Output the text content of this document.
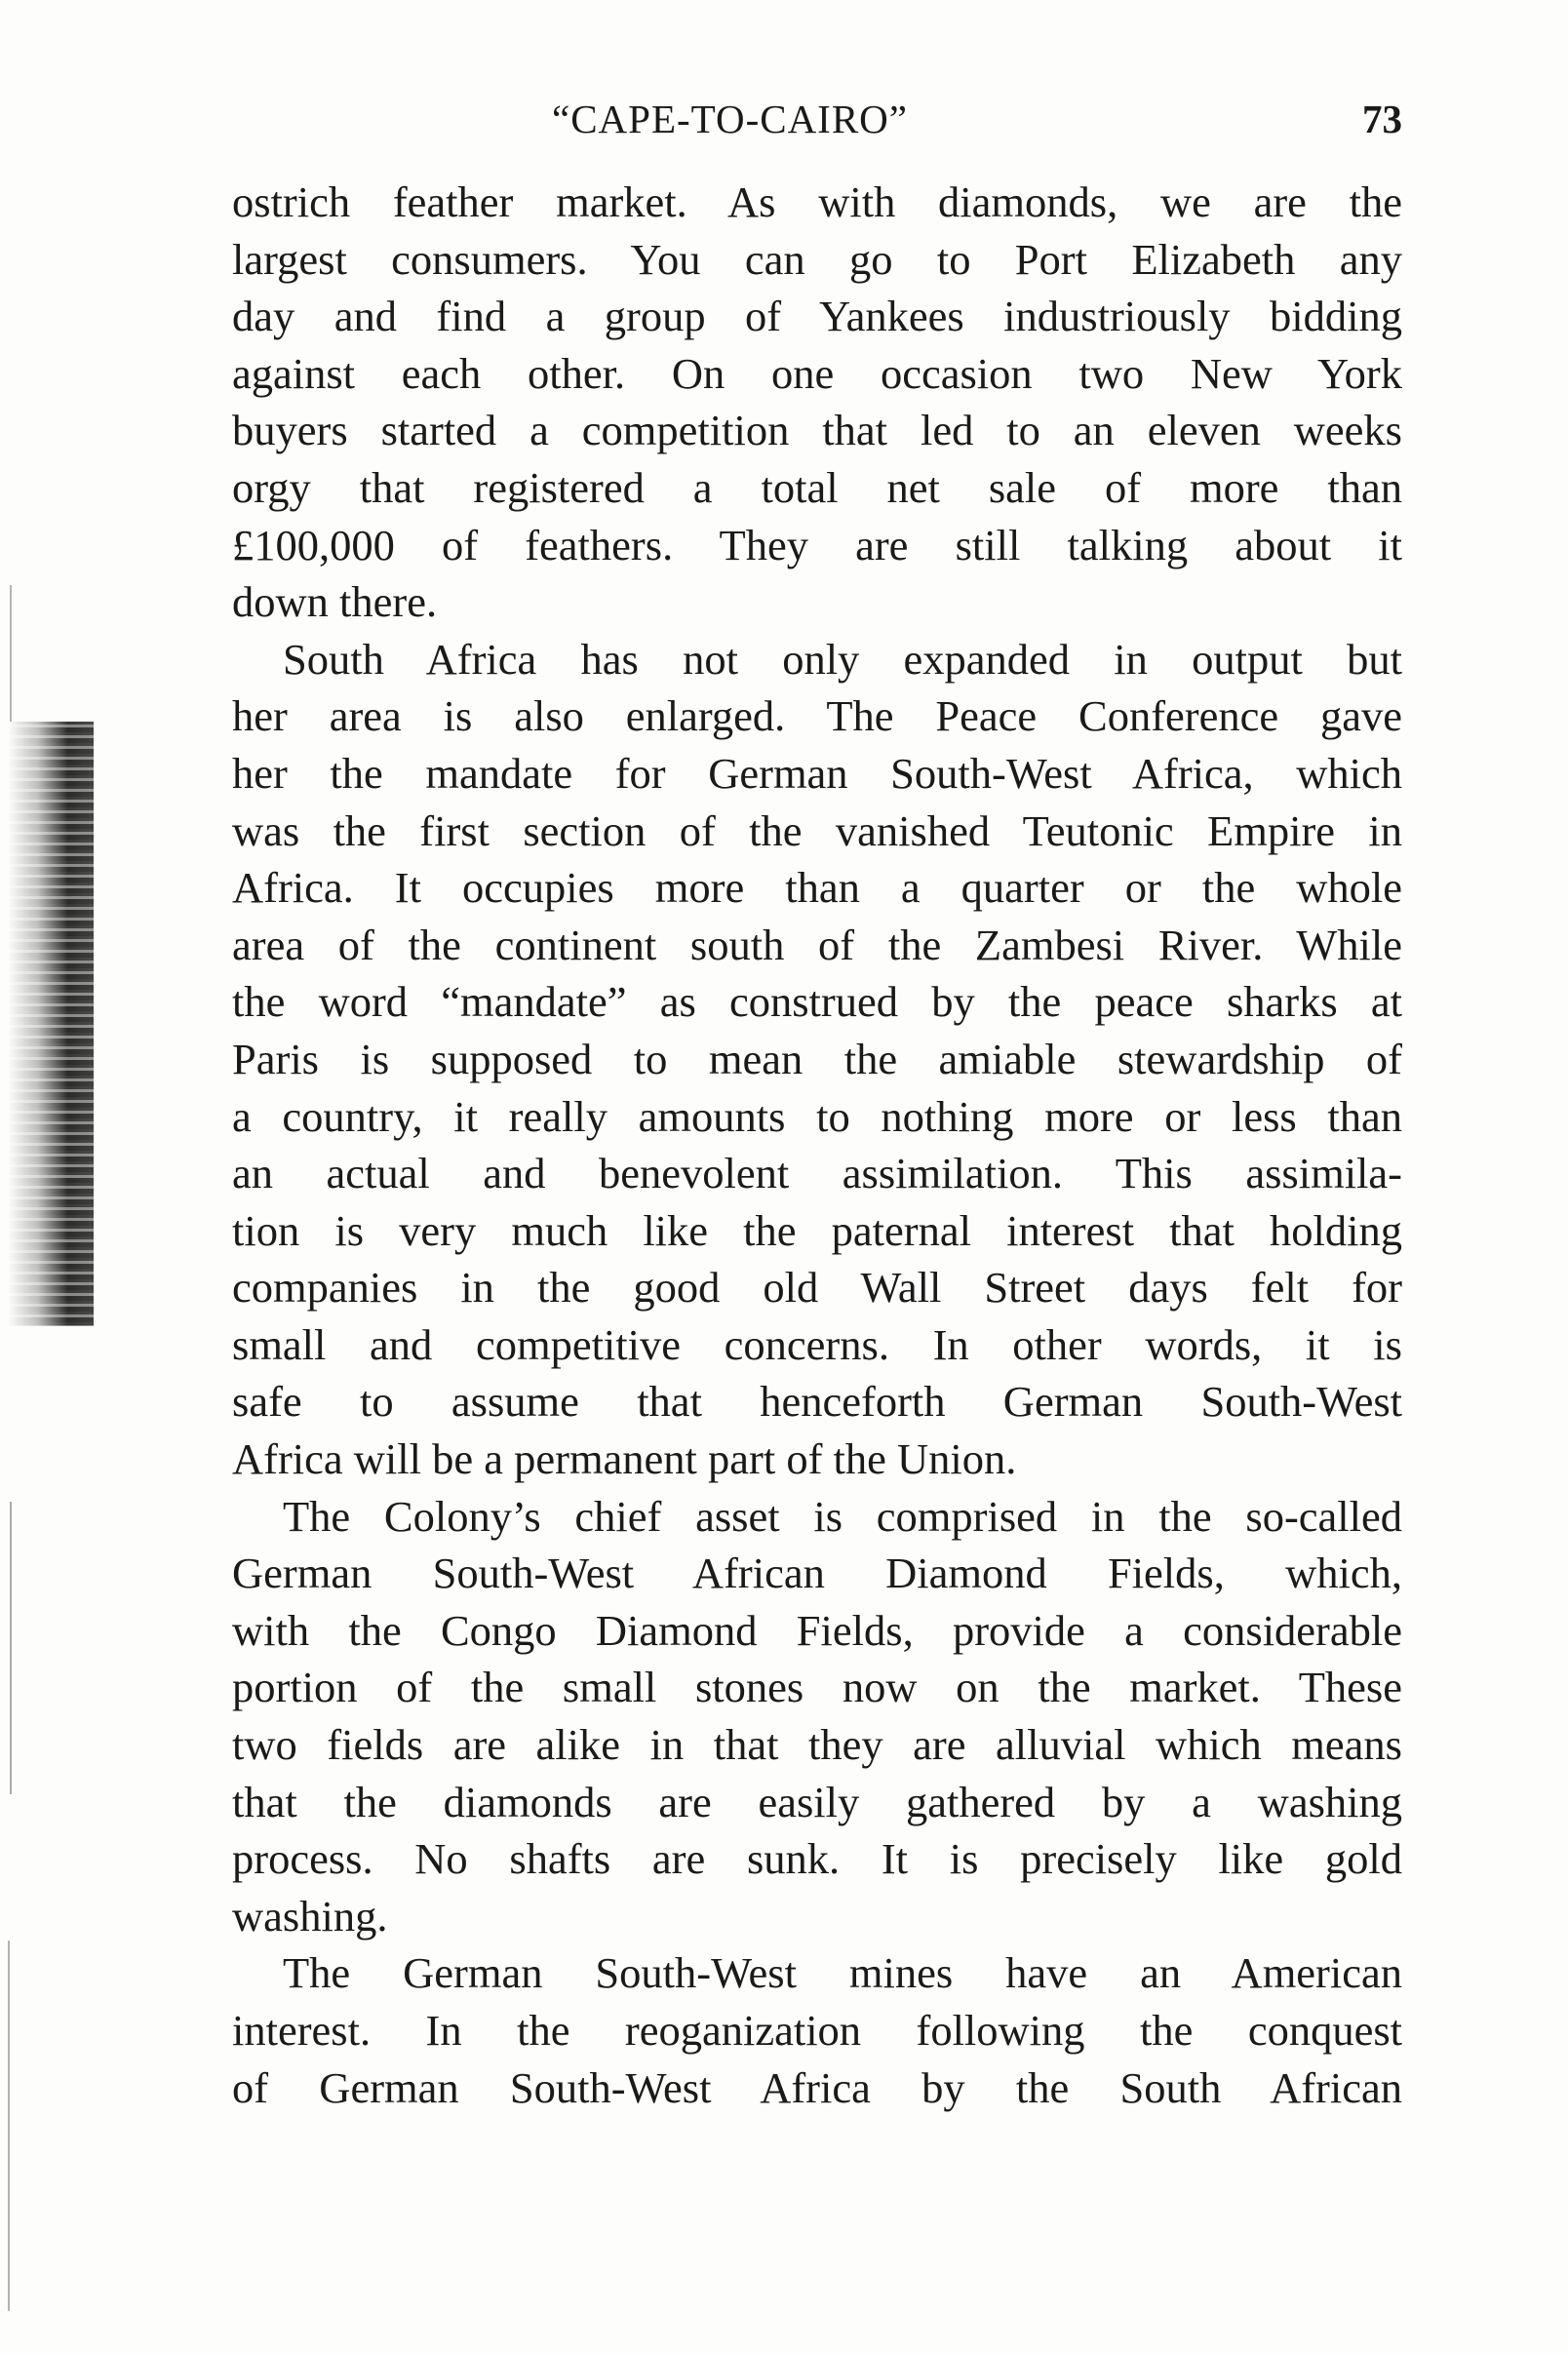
“CAPE-TO-CAIRO”	73
ostrich feather market. As with diamonds, we are the
largest consumers. You can go to Port Elizabeth any
day and find a group of Yankees industriously bidding
against each other. On one occasion two New York
buyers started a competition that led to an eleven weeks
orgy that registered a total net sale of more than
£100,000 of feathers. They are still talking about it
down there.
South Africa has not only expanded in output but
her area is also enlarged. The Peace Conference gave
her the mandate for German South-West Africa, which
was the first section of the vanished Teutonic Empire in
Africa. It occupies more than a quarter or the whole
area of the continent south of the Zambesi River. While
the word “mandate” as construed by the peace sharks at
Paris is supposed to mean the amiable stewardship of
a country, it really amounts to nothing more or less than
an actual and benevolent assimilation. This assimila-
tion is very much like the paternal interest that holding
companies in the good old Wall Street days felt for
small and competitive concerns. In other words, it is
safe to assume that henceforth German South-West
Africa will be a permanent part of the Union.
The Colony’s chief asset is comprised in the so-called
German South-West African Diamond Fields, which,
with the Congo Diamond Fields, provide a considerable
portion of the small stones now on the market. These
two fields are alike in that they are alluvial which means
that the diamonds are easily gathered by a washing
process. No shafts are sunk. It is precisely like gold
washing.
The German South-West mines have an American
interest. In the reoganization following the conquest
of German South-West Africa by the South African
